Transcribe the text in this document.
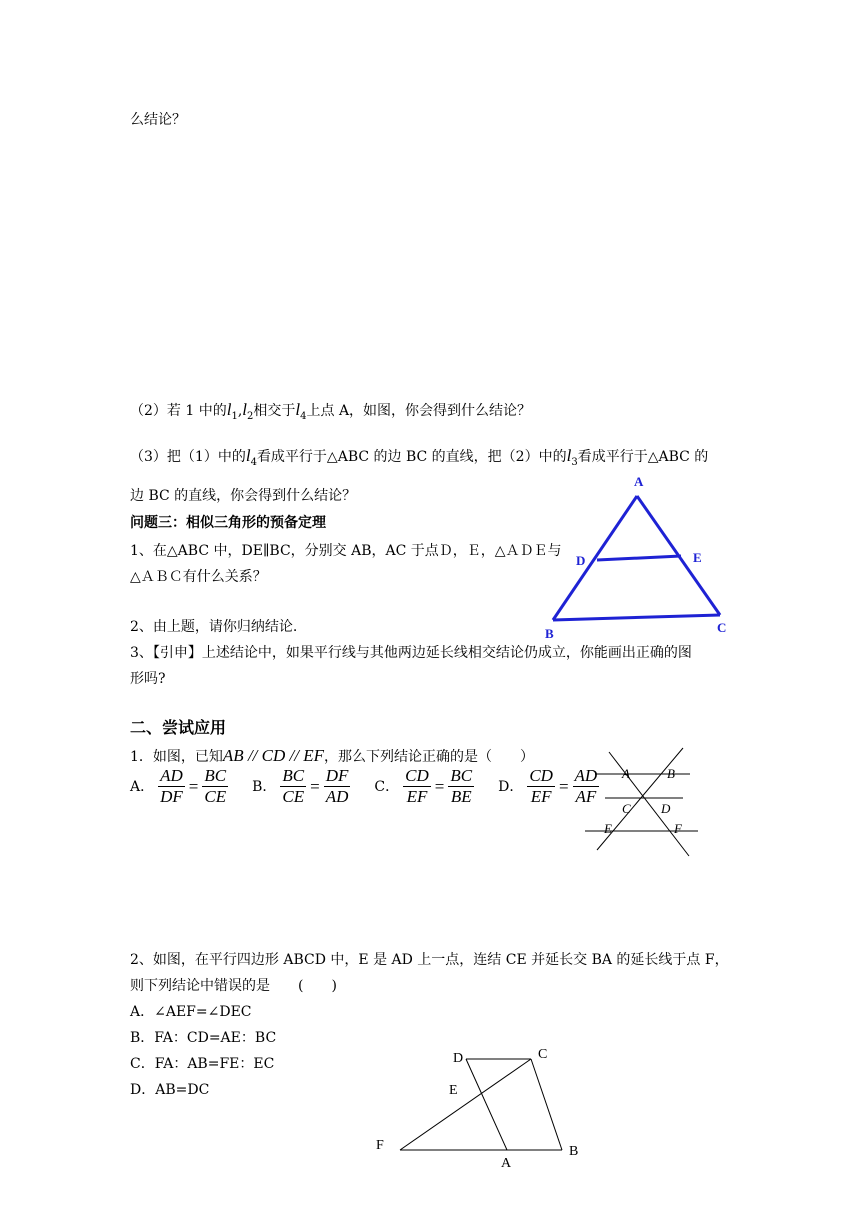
么结论？
（2）若 1 中的$l_1,l_2$相交于$l_4$上点 A，如图，你会得到什么结论？
（3）把（1）中的$l_4$看成平行于△ABC 的边 BC 的直线，把（2）中的$l_3$看成平行于△ABC 的
边 BC 的直线，你会得到什么结论？
问题三：相似三角形的预备定理
1、在△ABC 中，DE∥BC，分别交 AB，AC 于点Ｄ，Ｅ，△ＡＤＥ与
△ＡＢＣ有什么关系？
2、由上题，请你归纳结论.
3、【引申】上述结论中，如果平行线与其他两边延长线相交结论仍成立，你能画出正确的图
形吗?
A
D	E
B	C
二、尝试应用
1．如图，已知AB // CD // EF，那么下列结论正确的是（　　）
A． $\frac{AD}{DF} = \frac{BC}{CE}$ B． $\frac{BC}{CE} = \frac{DF}{AD}$ C． $\frac{CD}{EF} = \frac{BC}{BE}$ D． $\frac{CD}{EF} = \frac{AD}{AF}$ A	B
C D
E	F
2、如图，在平行四边形 ABCD 中，E 是 AD 上一点，连结 CE 并延长交 BA 的延长线于点 F，
则下列结论中错误的是　　(　　)
A．∠AEF=∠DEC
B．FA：CD=AE：BC
C．FA：AB=FE：EC
D．AB=DC
D	C
E
F
A
B
